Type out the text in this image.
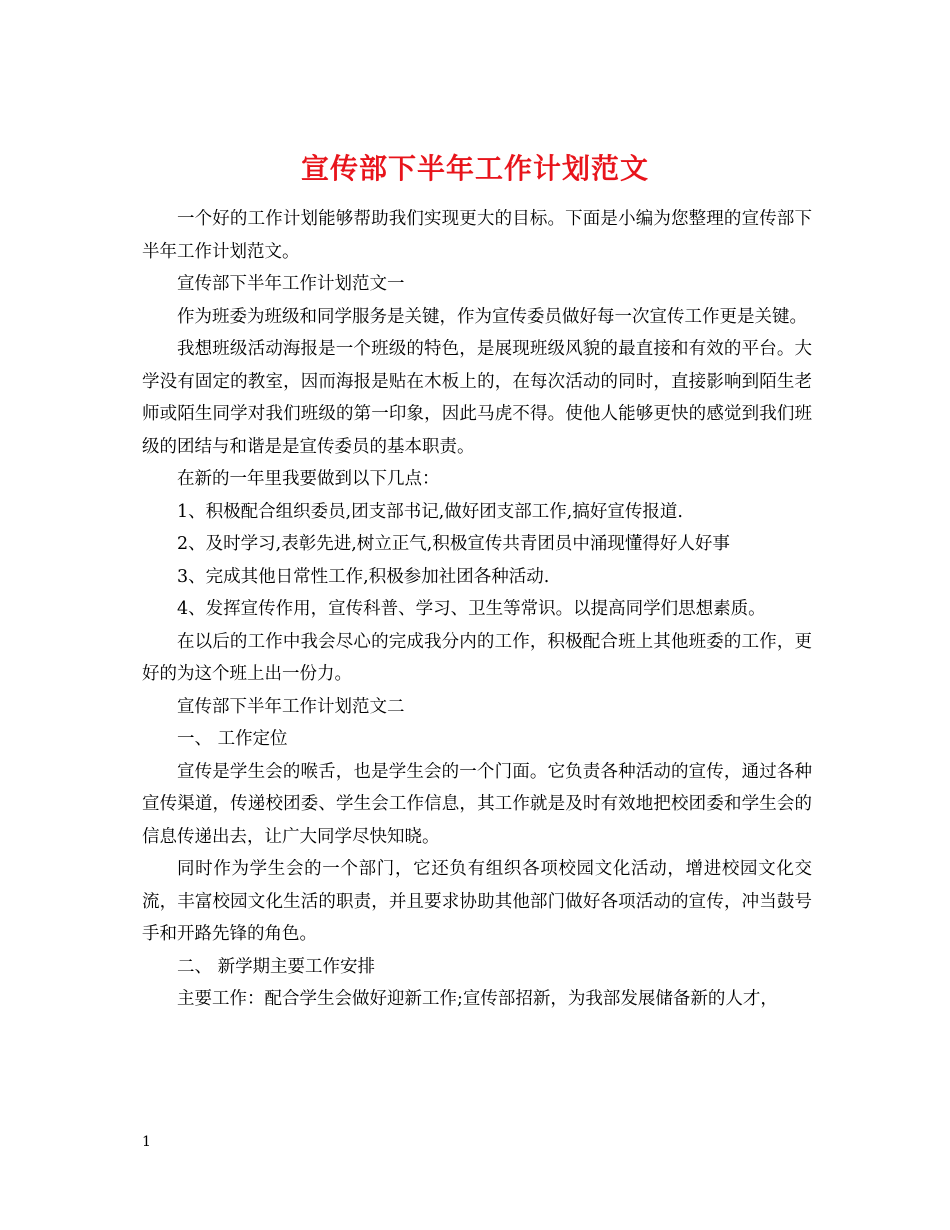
宣传部下半年工作计划范文

一个好的工作计划能够帮助我们实现更大的目标。下面是小编为您整理的宣传部下半年工作计划范文。

宣传部下半年工作计划范文一

作为班委为班级和同学服务是关键，作为宣传委员做好每一次宣传工作更是关键。

我想班级活动海报是一个班级的特色，是展现班级风貌的最直接和有效的平台。大学没有固定的教室，因而海报是贴在木板上的，在每次活动的同时，直接影响到陌生老师或陌生同学对我们班级的第一印象，因此马虎不得。使他人能够更快的感觉到我们班级的团结与和谐是是宣传委员的基本职责。

在新的一年里我要做到以下几点：

1、积极配合组织委员,团支部书记,做好团支部工作,搞好宣传报道.

2、及时学习,表彰先进,树立正气,积极宣传共青团员中涌现懂得好人好事

3、完成其他日常性工作,积极参加社团各种活动.

4、发挥宣传作用，宣传科普、学习、卫生等常识。以提高同学们思想素质。

在以后的工作中我会尽心的完成我分内的工作，积极配合班上其他班委的工作，更好的为这个班上出一份力。

宣传部下半年工作计划范文二

一、 工作定位

宣传是学生会的喉舌，也是学生会的一个门面。它负责各种活动的宣传，通过各种宣传渠道，传递校团委、学生会工作信息，其工作就是及时有效地把校团委和学生会的信息传递出去，让广大同学尽快知晓。

同时作为学生会的一个部门，它还负有组织各项校园文化活动，增进校园文化交流，丰富校园文化生活的职责，并且要求协助其他部门做好各项活动的宣传，冲当鼓号手和开路先锋的角色。

二、 新学期主要工作安排

主要工作：配合学生会做好迎新工作;宣传部招新，为我部发展储备新的人才，

1
